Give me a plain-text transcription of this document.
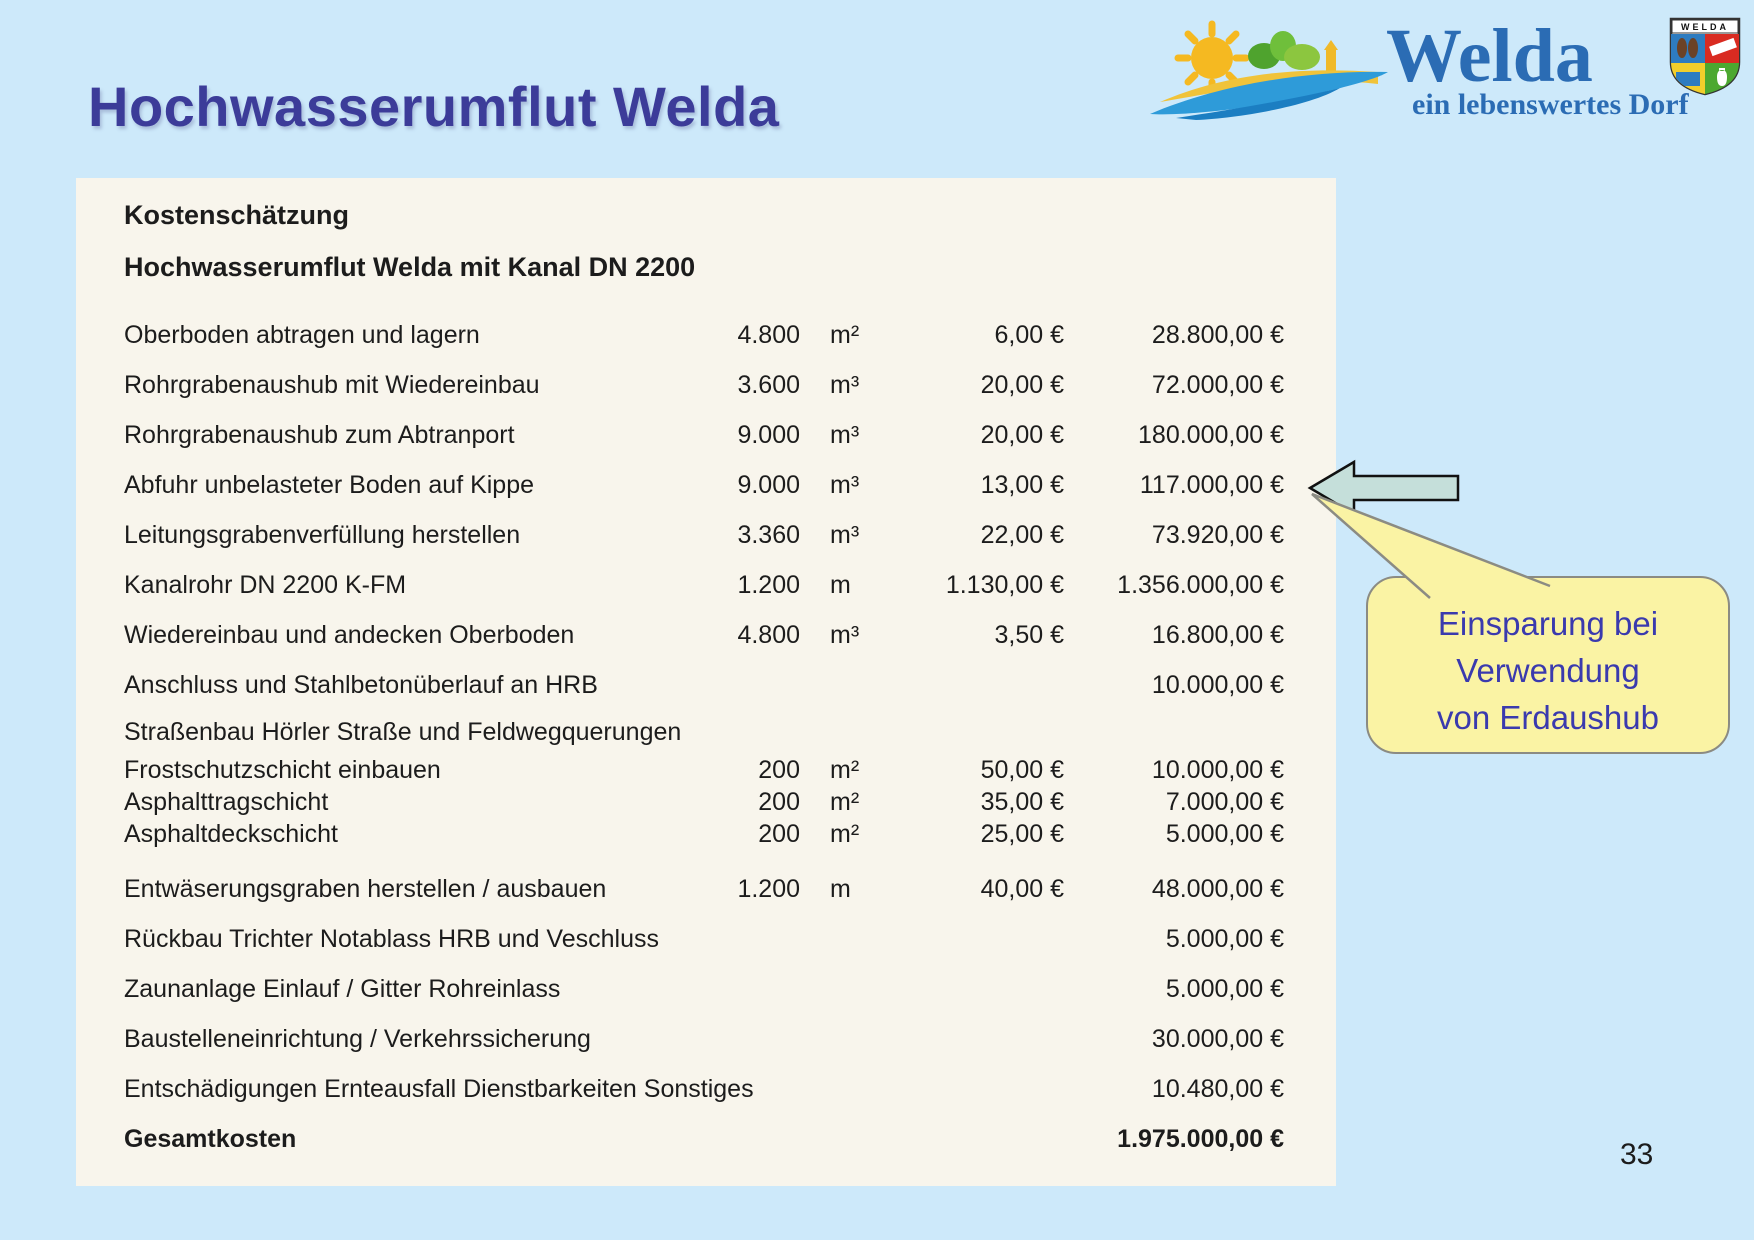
Hochwasserumflut Welda
Welda
ein lebenswertes Dorf
WELDA
Kostenschätzung
Hochwasserumflut Welda mit Kanal DN 2200
Oberboden abtragen und lagern	4.800 m²	6,00 €	28.800,00 €
Rohrgrabenaushub mit Wiedereinbau	3.600 m³	20,00 €	72.000,00 €
Rohrgrabenaushub zum Abtranport	9.000 m³	20,00 €	180.000,00 €
Abfuhr unbelasteter Boden auf Kippe	9.000 m³	13,00 €	117.000,00 €
Leitungsgrabenverfüllung herstellen	3.360 m³	22,00 €	73.920,00 €
Kanalrohr DN 2200 K-FM	1.200 m	1.130,00 €	1.356.000,00 €
Wiedereinbau und andecken Oberboden	4.800 m³	3,50 €	16.800,00 €
Anschluss und Stahlbetonüberlauf an HRB	10.000,00 €
Straßenbau Hörler Straße und Feldwegquerungen
Frostschutzschicht einbauen	200 m²	50,00 €	10.000,00 €
Asphalttragschicht	200 m²	35,00 €	7.000,00 €
Asphaltdeckschicht	200 m²	25,00 €	5.000,00 €
Entwäserungsgraben herstellen / ausbauen	1.200 m	40,00 €	48.000,00 €
Rückbau Trichter Notablass HRB und Veschluss	5.000,00 €
Zaunanlage Einlauf / Gitter Rohreinlass	5.000,00 €
Baustelleneinrichtung / Verkehrssicherung	30.000,00 €
Entschädigungen Ernteausfall Dienstbarkeiten Sonstiges	10.480,00 €
Gesamtkosten	1.975.000,00 €
Einsparung bei
Verwendung
von Erdaushub
33
